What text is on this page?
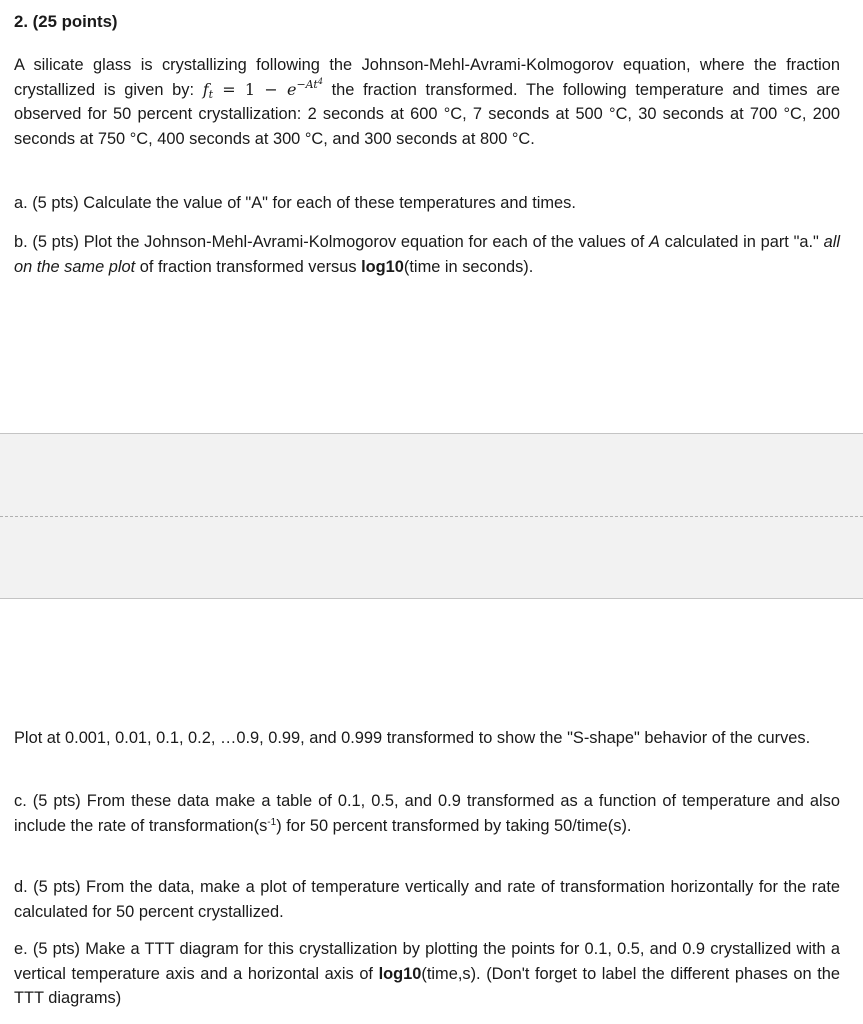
2. (25 points)

A silicate glass is crystallizing following the Johnson-Mehl-Avrami-Kolmogorov equation, where the fraction crystallized is given by: $f_t = 1 - e^{-At^4}$ the fraction transformed. The following temperature and times are observed for 50 percent crystallization: 2 seconds at 600 °C, 7 seconds at 500 °C, 30 seconds at 700 °C, 200 seconds at 750 °C, 400 seconds at 300 °C, and 300 seconds at 800 °C.

a. (5 pts) Calculate the value of "A" for each of these temperatures and times.

b. (5 pts) Plot the Johnson-Mehl-Avrami-Kolmogorov equation for each of the values of A calculated in part "a." all on the same plot of fraction transformed versus log10(time in seconds).

Plot at 0.001, 0.01, 0.1, 0.2, …0.9, 0.99, and 0.999 transformed to show the "S-shape" behavior of the curves.

c. (5 pts) From these data make a table of 0.1, 0.5, and 0.9 transformed as a function of temperature and also include the rate of $transformation(s^{-1})$ for 50 percent transformed by taking 50/time(s).

d. (5 pts) From the data, make a plot of temperature vertically and rate of transformation horizontally for the rate calculated for 50 percent crystallized.

e. (5 pts) Make a TTT diagram for this crystallization by plotting the points for 0.1, 0.5, and 0.9 crystallized with a vertical temperature axis and a horizontal axis of log10(time,s). (Don't forget to label the different phases on the TTT diagrams)
